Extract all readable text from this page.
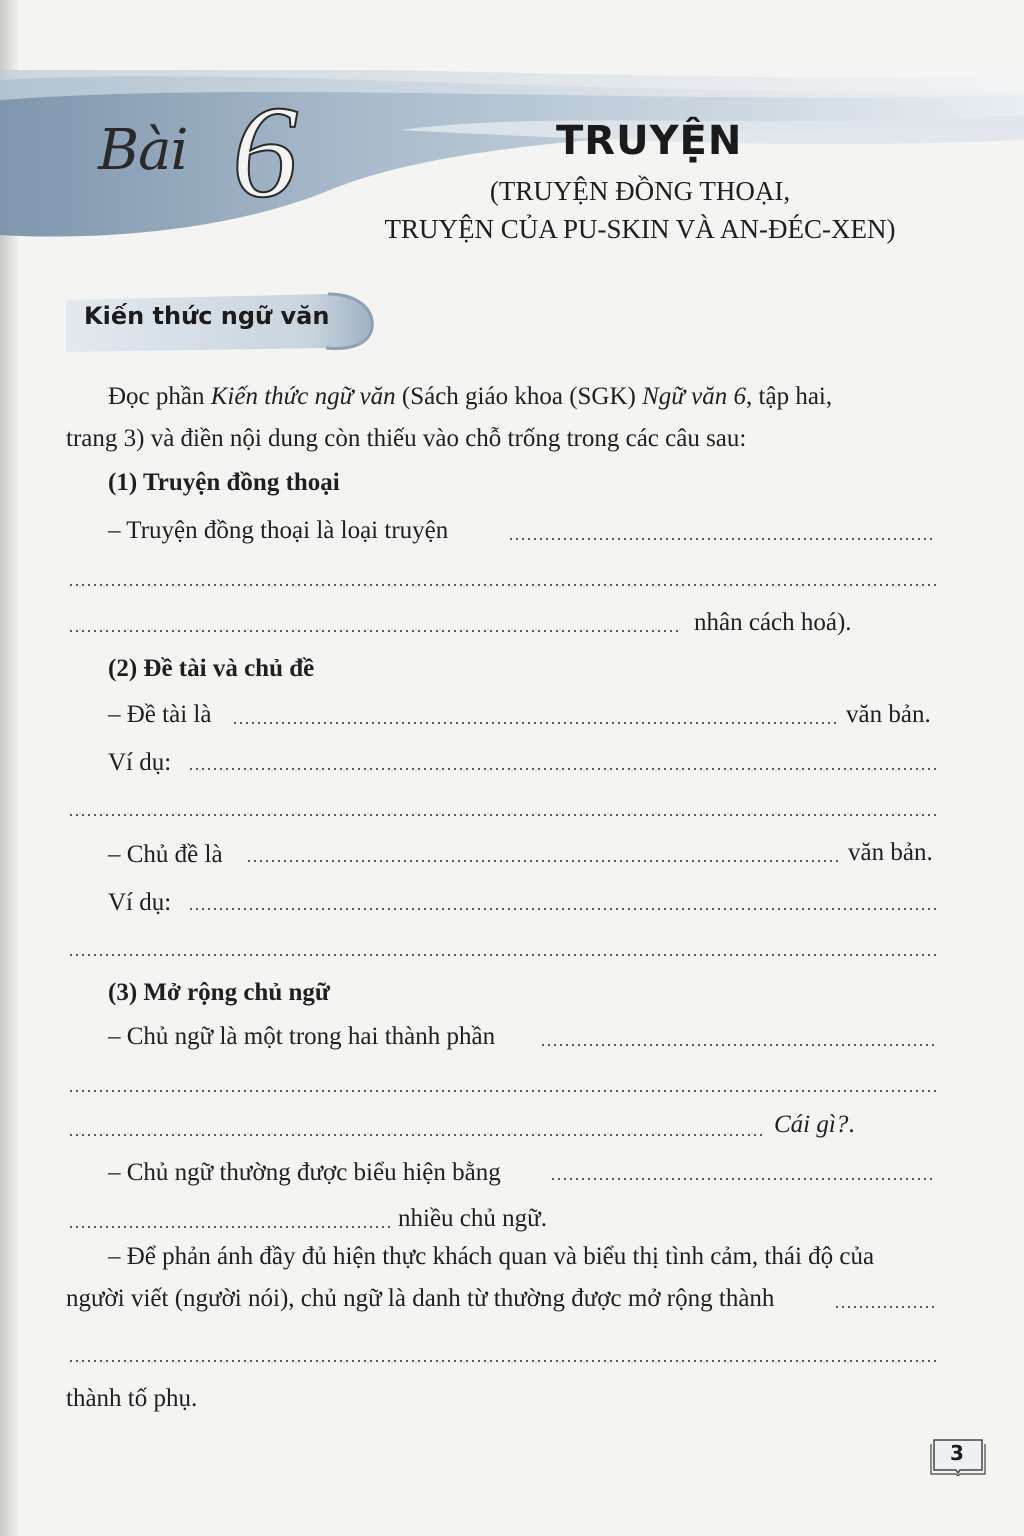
Bài 6	TRUYỆN
(TRUYỆN ĐỒNG THOẠI,
TRUYỆN CỦA PU-SKIN VÀ AN-ĐÉC-XEN)
Kiến thức ngữ văn
Đọc phần Kiến thức ngữ văn (Sách giáo khoa (SGK) Ngữ văn 6, tập hai,
trang 3) và điền nội dung còn thiếu vào chỗ trống trong các câu sau:
(1) Truyện đồng thoại
– Truyện đồng thoại là loại truyện
nhân cách hoá).
(2) Đề tài và chủ đề
– Đề tài là	văn bản.
Ví dụ:
– Chủ đề là	văn bản.
Ví dụ:
(3) Mở rộng chủ ngữ
– Chủ ngữ là một trong hai thành phần
Cái gì?.
– Chủ ngữ thường được biểu hiện bằng
nhiều chủ ngữ.
– Để phản ánh đầy đủ hiện thực khách quan và biểu thị tình cảm, thái độ của
người viết (người nói), chủ ngữ là danh từ thường được mở rộng thành
thành tố phụ.
3
